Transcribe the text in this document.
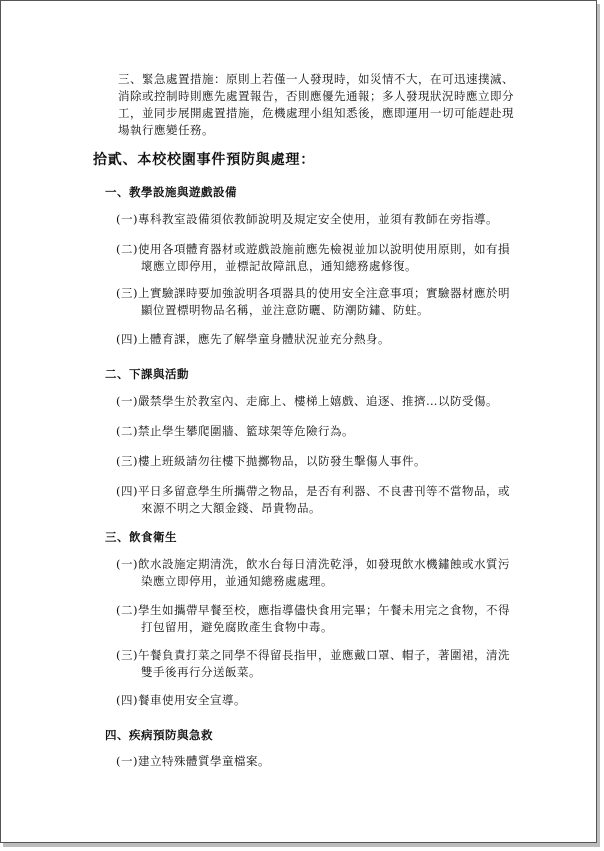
三、緊急處置措施：原則上若僅一人發現時，如災情不大，在可迅速撲滅、
消除或控制時則應先處置報告，否則應優先通報；多人發現狀況時應立即分
工，並同步展開處置措施，危機處理小組知悉後，應即運用一切可能趕赴現
場執行應變任務。
拾貳、本校校園事件預防與處理：
一、教學設施與遊戲設備
(一)專科教室設備須依教師說明及規定安全使用，並須有教師在旁指導。
(二)使用各項體育器材或遊戲設施前應先檢視並加以說明使用原則，如有損
壞應立即停用，並標記故障訊息，通知總務處修復。
(三)上實驗課時要加強說明各項器具的使用安全注意事項；實驗器材應於明
顯位置標明物品名稱，並注意防曬、防潮防鏽、防蛀。
(四)上體育課，應先了解學童身體狀況並充分熱身。
二、下課與活動
(一)嚴禁學生於教室內、走廊上、樓梯上嬉戲、追逐、推擠…以防受傷。
(二)禁止學生攀爬圍牆、籃球架等危險行為。
(三)樓上班級請勿往樓下拋擲物品，以防發生擊傷人事件。
(四)平日多留意學生所攜帶之物品，是否有利器、不良書刊等不當物品，或
來源不明之大額金錢、昂貴物品。
三、飲食衛生
(一)飲水設施定期清洗，飲水台每日清洗乾淨，如發現飲水機鏽蝕或水質污
染應立即停用，並通知總務處處理。
(二)學生如攜帶早餐至校，應指導儘快食用完畢；午餐未用完之食物，不得
打包留用，避免腐敗產生食物中毒。
(三)午餐負責打菜之同學不得留長指甲，並應戴口罩、帽子，著圍裙，清洗
雙手後再行分送飯菜。
(四)餐車使用安全宣導。
四、疾病預防與急救
(一)建立特殊體質學童檔案。
